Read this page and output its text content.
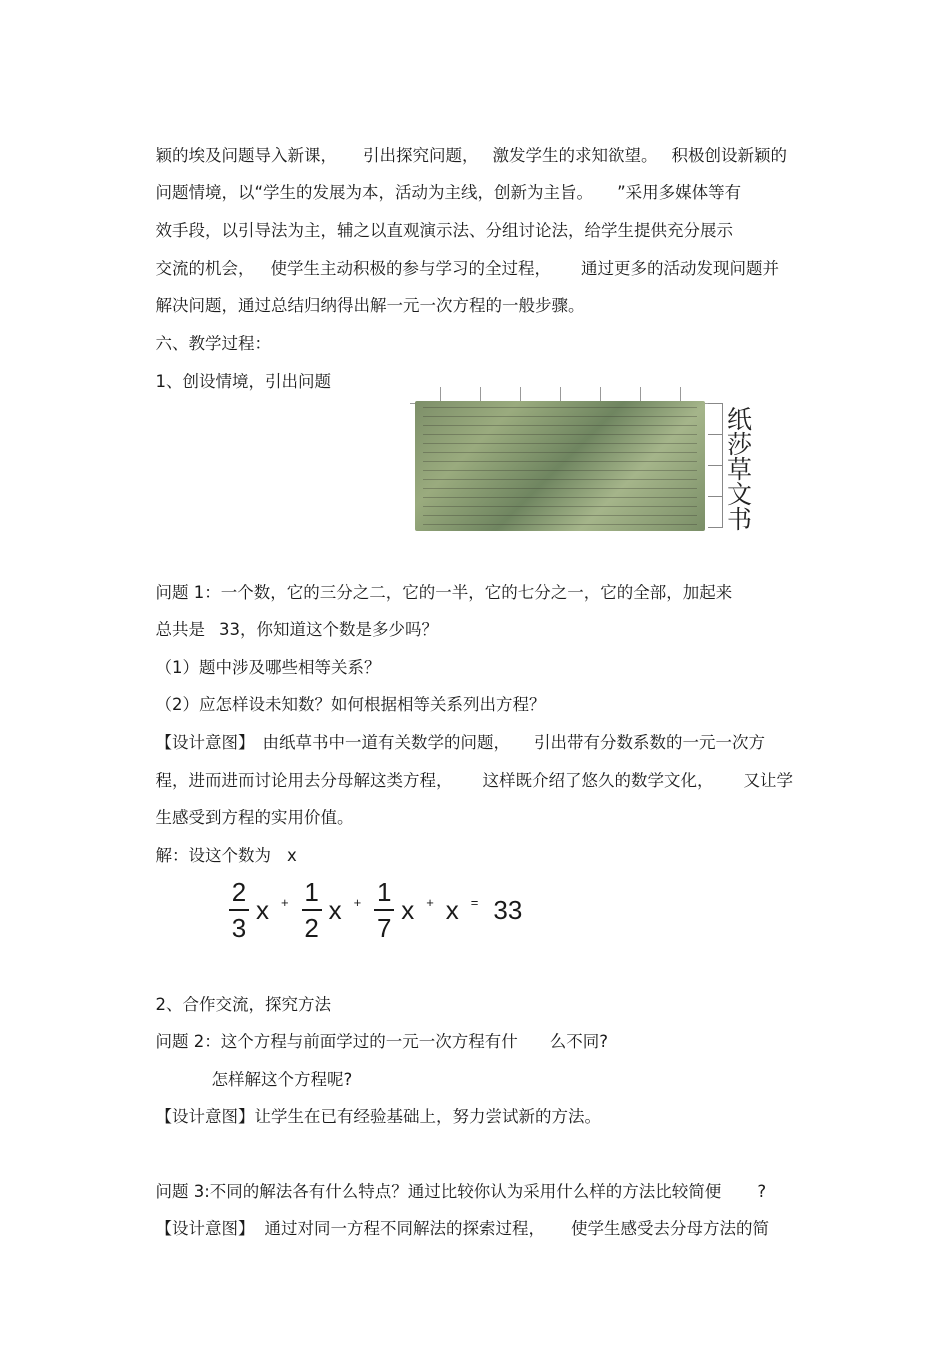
颖的埃及问题导入新课， 引出探究问题， 激发学生的求知欲望。 积极创设新颖的

问题情境，以“学生的发展为本，活动为主线，创新为主旨。 ”采用多媒体等有

效手段，以引导法为主，辅之以直观演示法、分组讨论法，给学生提供充分展示

交流的机会， 使学生主动积极的参与学习的全过程， 通过更多的活动发现问题并

解决问题，通过总结归纳得出解一元一次方程的一般步骤。

六、教学过程：

1、创设情境，引出问题

纸
莎
草
文
书

问题 1：一个数，它的三分之二，它的一半，它的七分之一，它的全部，加起来

总共是 33，你知道这个数是多少吗？

（1）题中涉及哪些相等关系？

（2）应怎样设未知数？如何根据相等关系列出方程？

【设计意图】 由纸草书中一道有关数学的问题， 引出带有分数系数的一元一次方

程，进而进而讨论用去分母解这类方程， 这样既介绍了悠久的数学文化， 又让学

生感受到方程的实用价值。

解：设这个数为 x

$\frac{2}{3}$ $x + \frac{1}{2}$ $x + \frac{1}{7}$ x + x = 33

2、合作交流，探究方法

问题 2：这个方程与前面学过的一元一次方程有什 么不同?

怎样解这个方程呢?

【设计意图】让学生在已有经验基础上，努力尝试新的方法。

问题 3:不同的解法各有什么特点？通过比较你认为采用什么样的方法比较简便 ?

【设计意图】 通过对同一方程不同解法的探索过程， 使学生感受去分母方法的简
